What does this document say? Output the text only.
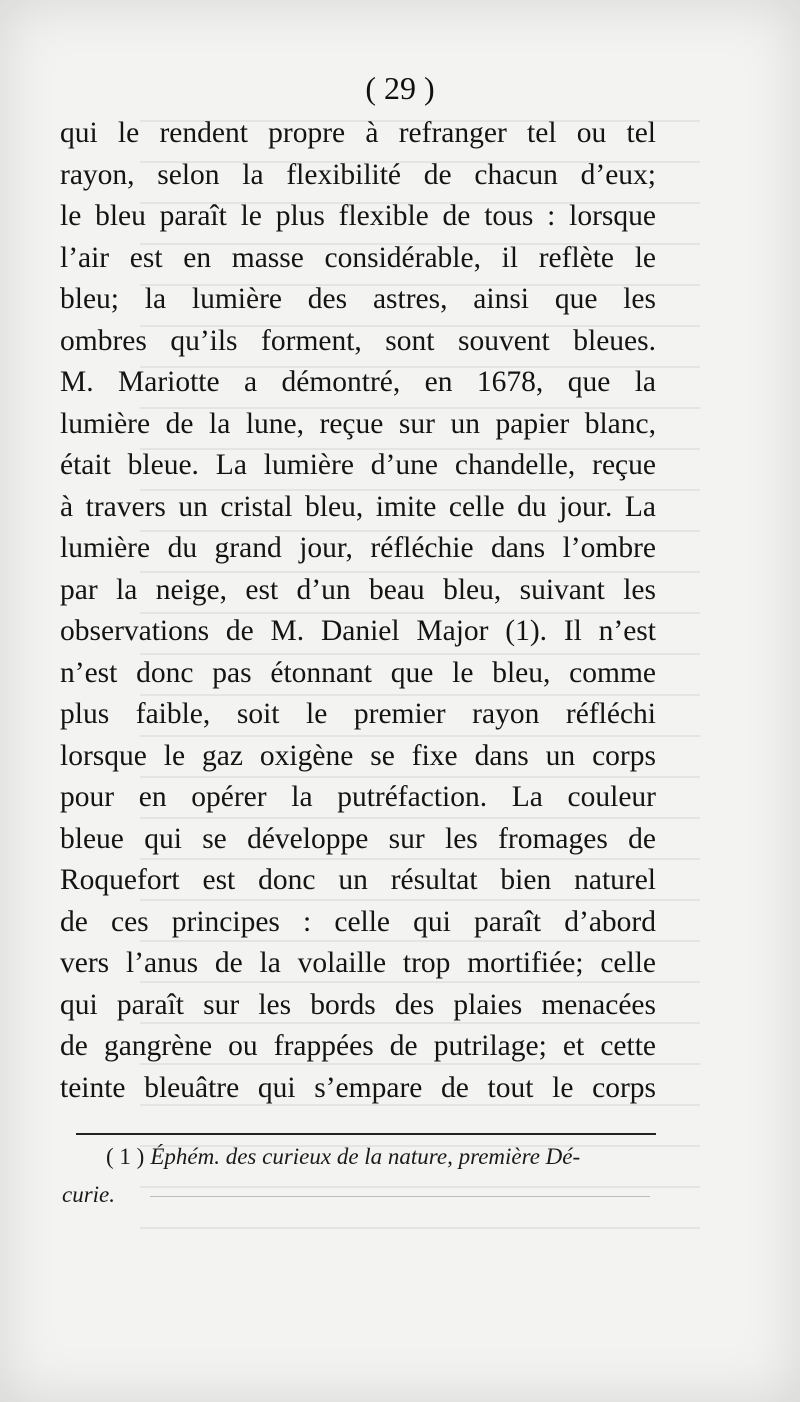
( 29 )
qui le rendent propre à refranger tel ou tel
rayon, selon la flexibilité de chacun d’eux;
le bleu paraît le plus flexible de tous : lorsque
l’air est en masse considérable, il reflète le
bleu; la lumière des astres, ainsi que les
ombres qu’ils forment, sont souvent bleues.
M. Mariotte a démontré, en 1678, que la
lumière de la lune, reçue sur un papier blanc,
était bleue. La lumière d’une chandelle, reçue
à travers un cristal bleu, imite celle du jour. La
lumière du grand jour, réfléchie dans l’ombre
par la neige, est d’un beau bleu, suivant les
observations de M. Daniel Major (1). Il n’est
n’est donc pas étonnant que le bleu, comme
plus faible, soit le premier rayon réfléchi
lorsque le gaz oxigène se fixe dans un corps
pour en opérer la putréfaction. La couleur
bleue qui se développe sur les fromages de
Roquefort est donc un résultat bien naturel
de ces principes : celle qui paraît d’abord
vers l’anus de la volaille trop mortifiée; celle
qui paraît sur les bords des plaies menacées
de gangrène ou frappées de putrilage; et cette
teinte bleuâtre qui s’empare de tout le corps
( 1 ) Éphém. des curieux de la nature, première Dé-
curie.
